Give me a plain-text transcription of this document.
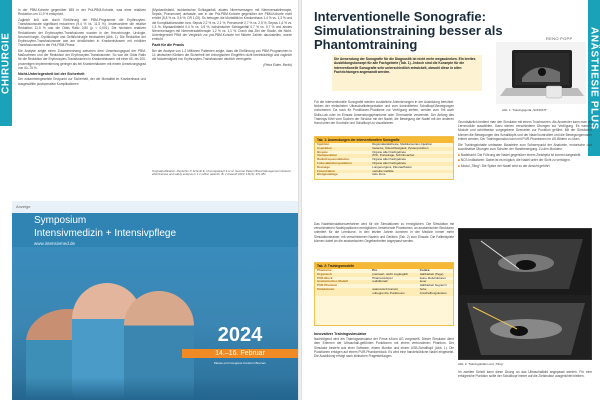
CHIRURGIE

in der PBM-Kohorte gegenüber 655 in der Prä-PBM-Kohorte, was einer relativen Reduktion um 11,9 % entspricht.

Zugleich ließ sich durch Einführung der PBM-Programme die Erythrozyten-Transfusionsrate signifikant reduzieren (9,4 % vs. 11,5 %). Insbesondere die relative Reduktion 11,5 % und die Odds Ratio 0,80 (p < 0,001). Die höchsten relativen Reduktionen der Erythrozyten-Transfusionen wurden in der Herzchirurgie, Urologie, Neurochirurgie, Gynäkologie und Gefäßchirurgie beobachtet (Abb. 1). Die Reduktion der Erythrozyten-Transfusionsrate war am deutlichsten in Krankenhäusern mit erhöhter Transfusionsrate in der Prä-PBM-Phase.

Die Analyse zeigte einen Zusammenhang zwischen dem Umsetzungsgrad der PBM-Maßnahmen und der Reduktion der Erythrozyten-Transfusionen. So war die Odds Ratio für die Reduktion der Erythrozyten-Transfusionen in Krankenhäusern mit einer 60- bis 100-prozentigen Implementierung geringer als bei Krankenhäusern mit einem Umsetzungsgrad von 40–75 %.

Nicht-Unterlegenheit bei der Sicherheit

Der zusammengesetzte Endpunkt zur Sicherheit, der die Mortalität im Krankenhaus und ausgewählte postoperative Komplikationen

(Myokardinfarkt, ischämischer Schlaganfall, akutes Nierenversagen mit Nierenersatztherapie, Sepsis, Pneumonie) umfasste, war in der Prä-PBM-Kohorte gegenüber der PBM-Kohorte nicht erhöht (5,8 % vs. 5,6 %; OR 1,00). So betrugen die Mortalität im Krankenhaus 1,4 % vs. 1,3 % und die Komplikationsraten bzw. Sepsis 2,2 % vs. 2,1 %, Pneumonie 2,7 % vs. 2,5 %, Sepsis 1,6 % vs. 1,5 %, Myokardinfarkt 0,4 % vs. 0,5 %, ischämischer Schlaganfall 0,7 % vs. 0,7 % und akutes Nierenversagen mit Nierenersatztherapie 1,2 % vs. 1,1 %. Durch das Ziel der Studie, die Nicht-Unterlegenheit PBM der Vergleich zur prä-PBM-Kohorte bei fiktiven Zahlen darzustellen, wurde erreicht.

Fazit für die Praxis

Bei der Analyse von 1,2 Millionen Patienten zeigte, dass die Einführung von PBM-Programmen in 14 deutschen Kliniken die Sicherheit bei chirurgischen Eingriffen nicht beeinträchtigt und zugleich die Notwendigkeit von Erythrozyten-Transfusionen deutlich verringerte.

(Petra Eiden, Berlin)

Originalpublikation: Meybohm P, Schmitt E, Choorapoikayil S et al. German Patient Blood Management Network: effectiveness and safety analysis in 1.2 million patients. Br J Anaesth 2023; 131(3): 472-481
Anzeige
Symposium
Intensivmedizin + Intensivpflege
www.intensivmed.de
2024
14.–16. Februar
Messe und Congress Centrum Bremen
ANÄSTHESIE PLUS
Interventionelle Sonografie: Simulationstraining besser als Phantomtraining	RENO POPP
Die Anwendung der Sonografie für die Diagnostik ist nicht mehr wegzudenken. Ein breites Ausbildungskonzept für alle Fachgebiete (Tab. 1). Jedoch sind die Konzepte für die interventionelle Sonografie sehr unterschiedlich entwickelt, obwohl diese in allen Fachrichtungen angewandt werden.
Abb. 1: Trainingsgerät „SONOFIT“
Für die interventionelle Sonografie werden zusätzliche Anforderungen in der Ausbildung berichtet. Neben der einfachsten Ultraschallinterpretation und zum kontrollierten Schallkopf-Bewegungen vorkommen. Da noch für Punktionen-Phantome zur Verfügung stehen, werden zum Teil auch Skills-Lab oder im Einsatz Anwendungsphantome oder Tiermodelle verwendet. Der Anfang des Trainings führt vom Suchen der Struktur mit der Nadel, die Bewegung der Nadel mit der anderen Hand unter der Kontrolle und Schallkopf zu visualisieren.
Tab. 1: Anwendungen der interventionellen Sonografie
Injektion	Regionalanästhesie, Medikamenten-Injektion
Aspiration	Gelenke, Ödemflüssigkeit, Zystenpunktion
Biopsie	Organe aller Fachgebiete
Stentpunktion	ZVK, Portanlage, Schrittmacher
Radiofrequenzablation	Organe aller Fachgebiete
Fokusablationspunktion	Organe aller Fachgebiete
Drainage	Lungenerguss, Pleuraeffusion
Fenestration	verteilte Gefäße
Blutgasablage	tiefe Zone
Das Nadelsimulationsverfahren wird für die Simulationen zu ermöglichen. Die Simulation mit verschiedenen Nadelpositionen ermöglichen, bestehende Phantomen, an anatomischen Strukturen orientiert für die Lernkurve. In den letzten Jahren kommen in der Medizin immer mehr Simulationstrainer, mit verschiedenen Nadeln und Geräten (Tab. 2) zum Einsatz. Die Fallbeispiele können dabei an die anatomischen Gegebenheiten angepasst werden.
Tab. 2: Trainingsmodelle
Phantome	Pro	Contra
Organisch	preiswert, leicht zugänglich	Haltbarkeit (Tage)
PUR-Block	Phantomkörper	keine Zielstrukturen
Anatomisches Modell	realitätsnah	teuer
PUR-Phantom		Haltbarkeit begrenzt
Simulatoren	anatomisch korrekt, unbegrenzte Punktionen	hohe Anschaffungskosten
Innovativer Trainingssimulator

Nachfolgend wird ein Trainingssimulator der Firma eZono AG vorgestellt. Dieser Simulator dient dem Erlernen der Ultraschall-geführten Punktionen mit einem verbundenen Phantom. Der Simulator besteht aus einer Software, einem Monitor und einem USB-Schallkopf (Abb. 1). Die Punktionen erfolgen auf einem PUR-Phantomblock. Es wird eine handelsübliche Nadel eingesetzt. Die Ausbildung erfolgt nach klinischen Fragestellungen.

Grundsätzlich bedient man den Simulator mit einem Touchscreen. Als Anwender kann man die Lernmodule auswählen. Dazu stehen verschiedene Übungen zur Verfügung. Es werden Module und schrittweise vorgegebene Szenarien zur Punktion geführt. Mit der Simulation können die Bewegungen des Schallkopfs und der Nadel kontrolliert und die Bewegungsmuster erlernt werden. Der Trainingsmodus kann mit PUR-Phantomen im US-Bildern zu üben.

Die Trainingsinhalte umfassen Bausteine zum Schwerpunkt der Anatomie, motorische und koordinative Übungen zum Schulen der Handbewegung. Zu den Modulen:

■ Nadelsicht: Die Führung der Nadel gegenüber einem Zielobjekt ist korrekt dargestellt.

■ NCS Indikatoren: Dabei ist es möglich, die Nadel unter der Sicht zu verfolgen.

■ Modul „Tiling“: Die Spitze der Nadel wird zu der Ansicht geführt.

Abb. 2: Trainingsbilder und „Tiling“
Im zweiten Schritt kann diese Übung an das Ultraschallbild angepasst werden. Für eine erfolgreiche Punktion sollte der Schallkopf immer auf die Zielstruktur ausgerichtet bleiben.
